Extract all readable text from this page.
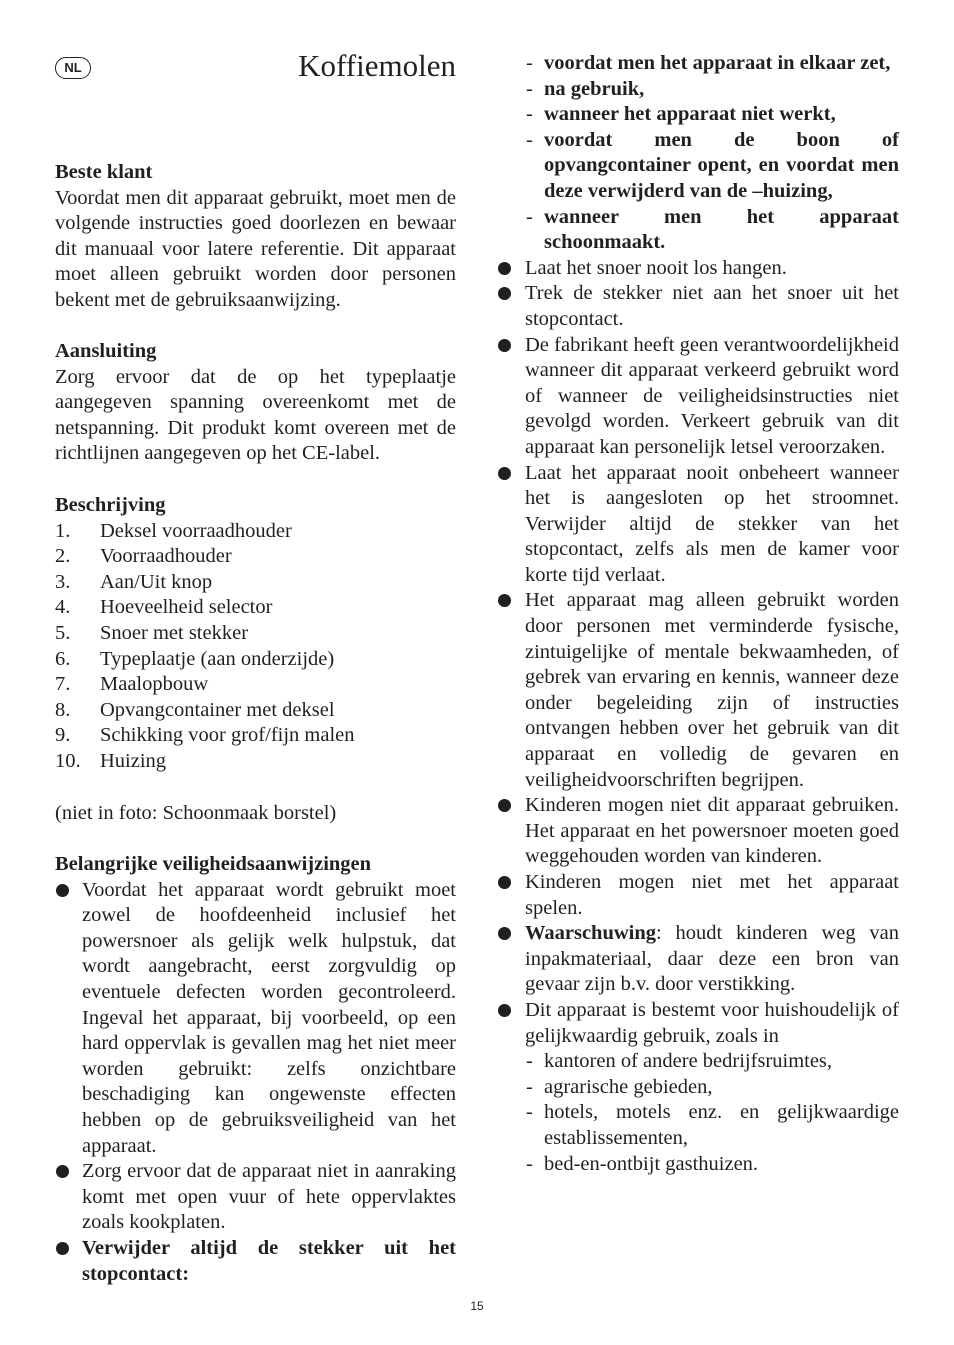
NL	Koffiemolen

Beste klant

Voordat men dit apparaat gebruikt, moet men de volgende instructies goed doorlezen en bewaar dit manuaal voor latere referentie. Dit apparaat moet alleen gebruikt worden door personen bekent met de gebruiksaanwijzing.

Aansluiting

Zorg ervoor dat de op het typeplaatje aangegeven spanning overeenkomt met de netspanning. Dit produkt komt overeen met de richtlijnen aangegeven op het CE-label.

Beschrijving

1.	Deksel voorraadhouder
2.	Voorraadhouder
3.	Aan/Uit knop
4.	Hoeveelheid selector
5.	Snoer met stekker
6.	Typeplaatje (aan onderzijde)
7.	Maalopbouw
8.	Opvangcontainer met deksel
9.	Schikking voor grof/fijn malen
10. Huizing

(niet in foto: Schoonmaak borstel)

Belangrijke veiligheidsaanwijzingen

Voordat het apparaat wordt gebruikt moet zowel de hoofdeenheid inclusief het powersnoer als gelijk welk hulpstuk, dat wordt aangebracht, eerst zorgvuldig op eventuele defecten worden gecontroleerd. Ingeval het apparaat, bij voorbeeld, op een hard oppervlak is gevallen mag het niet meer worden gebruikt: zelfs onzichtbare beschadiging kan ongewenste effecten hebben op de gebruiksveiligheid van het apparaat.
Zorg ervoor dat de apparaat niet in aanraking komt met open vuur of hete oppervlaktes zoals kookplaten.
Verwijder altijd de stekker uit het stopcontact:
- voordat men het apparaat in elkaar zet,
- na gebruik,
- wanneer het apparaat niet werkt,
- voordat men de boon of opvangcontainer opent, en voordat men deze verwijderd van de –huizing,
- wanneer men het apparaat schoonmaakt.
Laat het snoer nooit los hangen.
Trek de stekker niet aan het snoer uit het stopcontact.
De fabrikant heeft geen verantwoordelijkheid wanneer dit apparaat verkeerd gebruikt word of wanneer de veiligheidsinstructies niet gevolgd worden. Verkeert gebruik van dit apparaat kan personelijk letsel veroorzaken.
Laat het apparaat nooit onbeheert wanneer het is aangesloten op het stroomnet. Verwijder altijd de stekker van het stopcontact, zelfs als men de kamer voor korte tijd verlaat.
Het apparaat mag alleen gebruikt worden door personen met verminderde fysische, zintuigelijke of mentale bekwaamheden, of gebrek van ervaring en kennis, wanneer deze onder begeleiding zijn of instructies ontvangen hebben over het gebruik van dit apparaat en volledig de gevaren en veiligheidvoorschriften begrijpen.
Kinderen mogen niet dit apparaat gebruiken. Het apparaat en het powersnoer moeten goed weggehouden worden van kinderen.
Kinderen mogen niet met het apparaat spelen.
Waarschuwing: houdt kinderen weg van inpakmateriaal, daar deze een bron van gevaar zijn b.v. door verstikking.
Dit apparaat is bestemt voor huishoudelijk of gelijkwaardig gebruik, zoals in
- kantoren of andere bedrijfsruimtes,
- agrarische gebieden,
- hotels, motels enz. en gelijkwaardige establissementen,
- bed-en-ontbijt gasthuizen.
15
